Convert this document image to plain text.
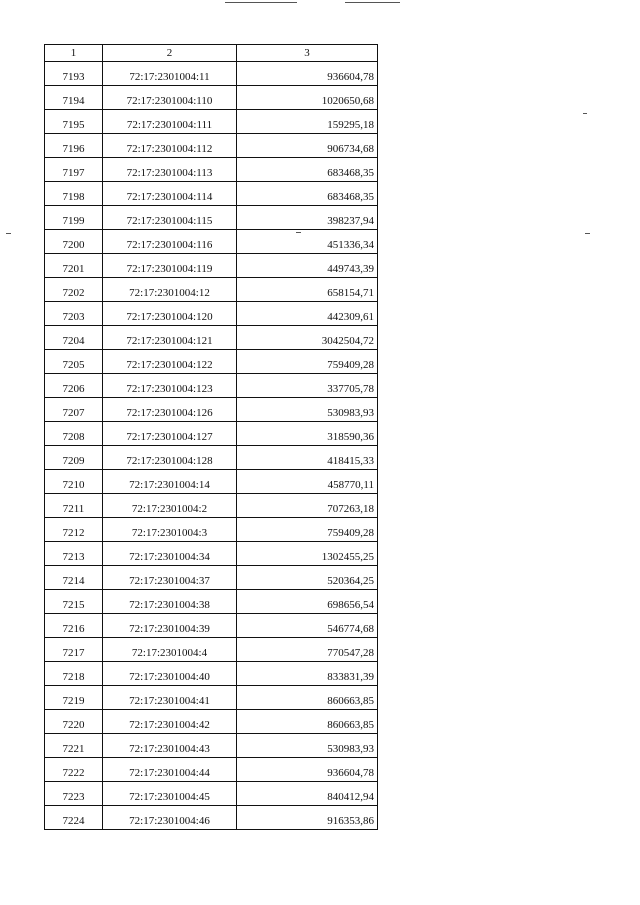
1	2	3
7193	72:17:2301004:11	936604,78
7194	72:17:2301004:110	1020650,68
7195	72:17:2301004:111	159295,18
7196	72:17:2301004:112	906734,68
7197	72:17:2301004:113	683468,35
7198	72:17:2301004:114	683468,35
7199	72:17:2301004:115	398237,94
7200	72:17:2301004:116	451336,34
7201	72:17:2301004:119	449743,39
7202	72:17:2301004:12	658154,71
7203	72:17:2301004:120	442309,61
7204	72:17:2301004:121	3042504,72
7205	72:17:2301004:122	759409,28
7206	72:17:2301004:123	337705,78
7207	72:17:2301004:126	530983,93
7208	72:17:2301004:127	318590,36
7209	72:17:2301004:128	418415,33
7210	72:17:2301004:14	458770,11
7211	72:17:2301004:2	707263,18
7212	72:17:2301004:3	759409,28
7213	72:17:2301004:34	1302455,25
7214	72:17:2301004:37	520364,25
7215	72:17:2301004:38	698656,54
7216	72:17:2301004:39	546774,68
7217	72:17:2301004:4	770547,28
7218	72:17:2301004:40	833831,39
7219	72:17:2301004:41	860663,85
7220	72:17:2301004:42	860663,85
7221	72:17:2301004:43	530983,93
7222	72:17:2301004:44	936604,78
7223	72:17:2301004:45	840412,94
7224	72:17:2301004:46	916353,86
